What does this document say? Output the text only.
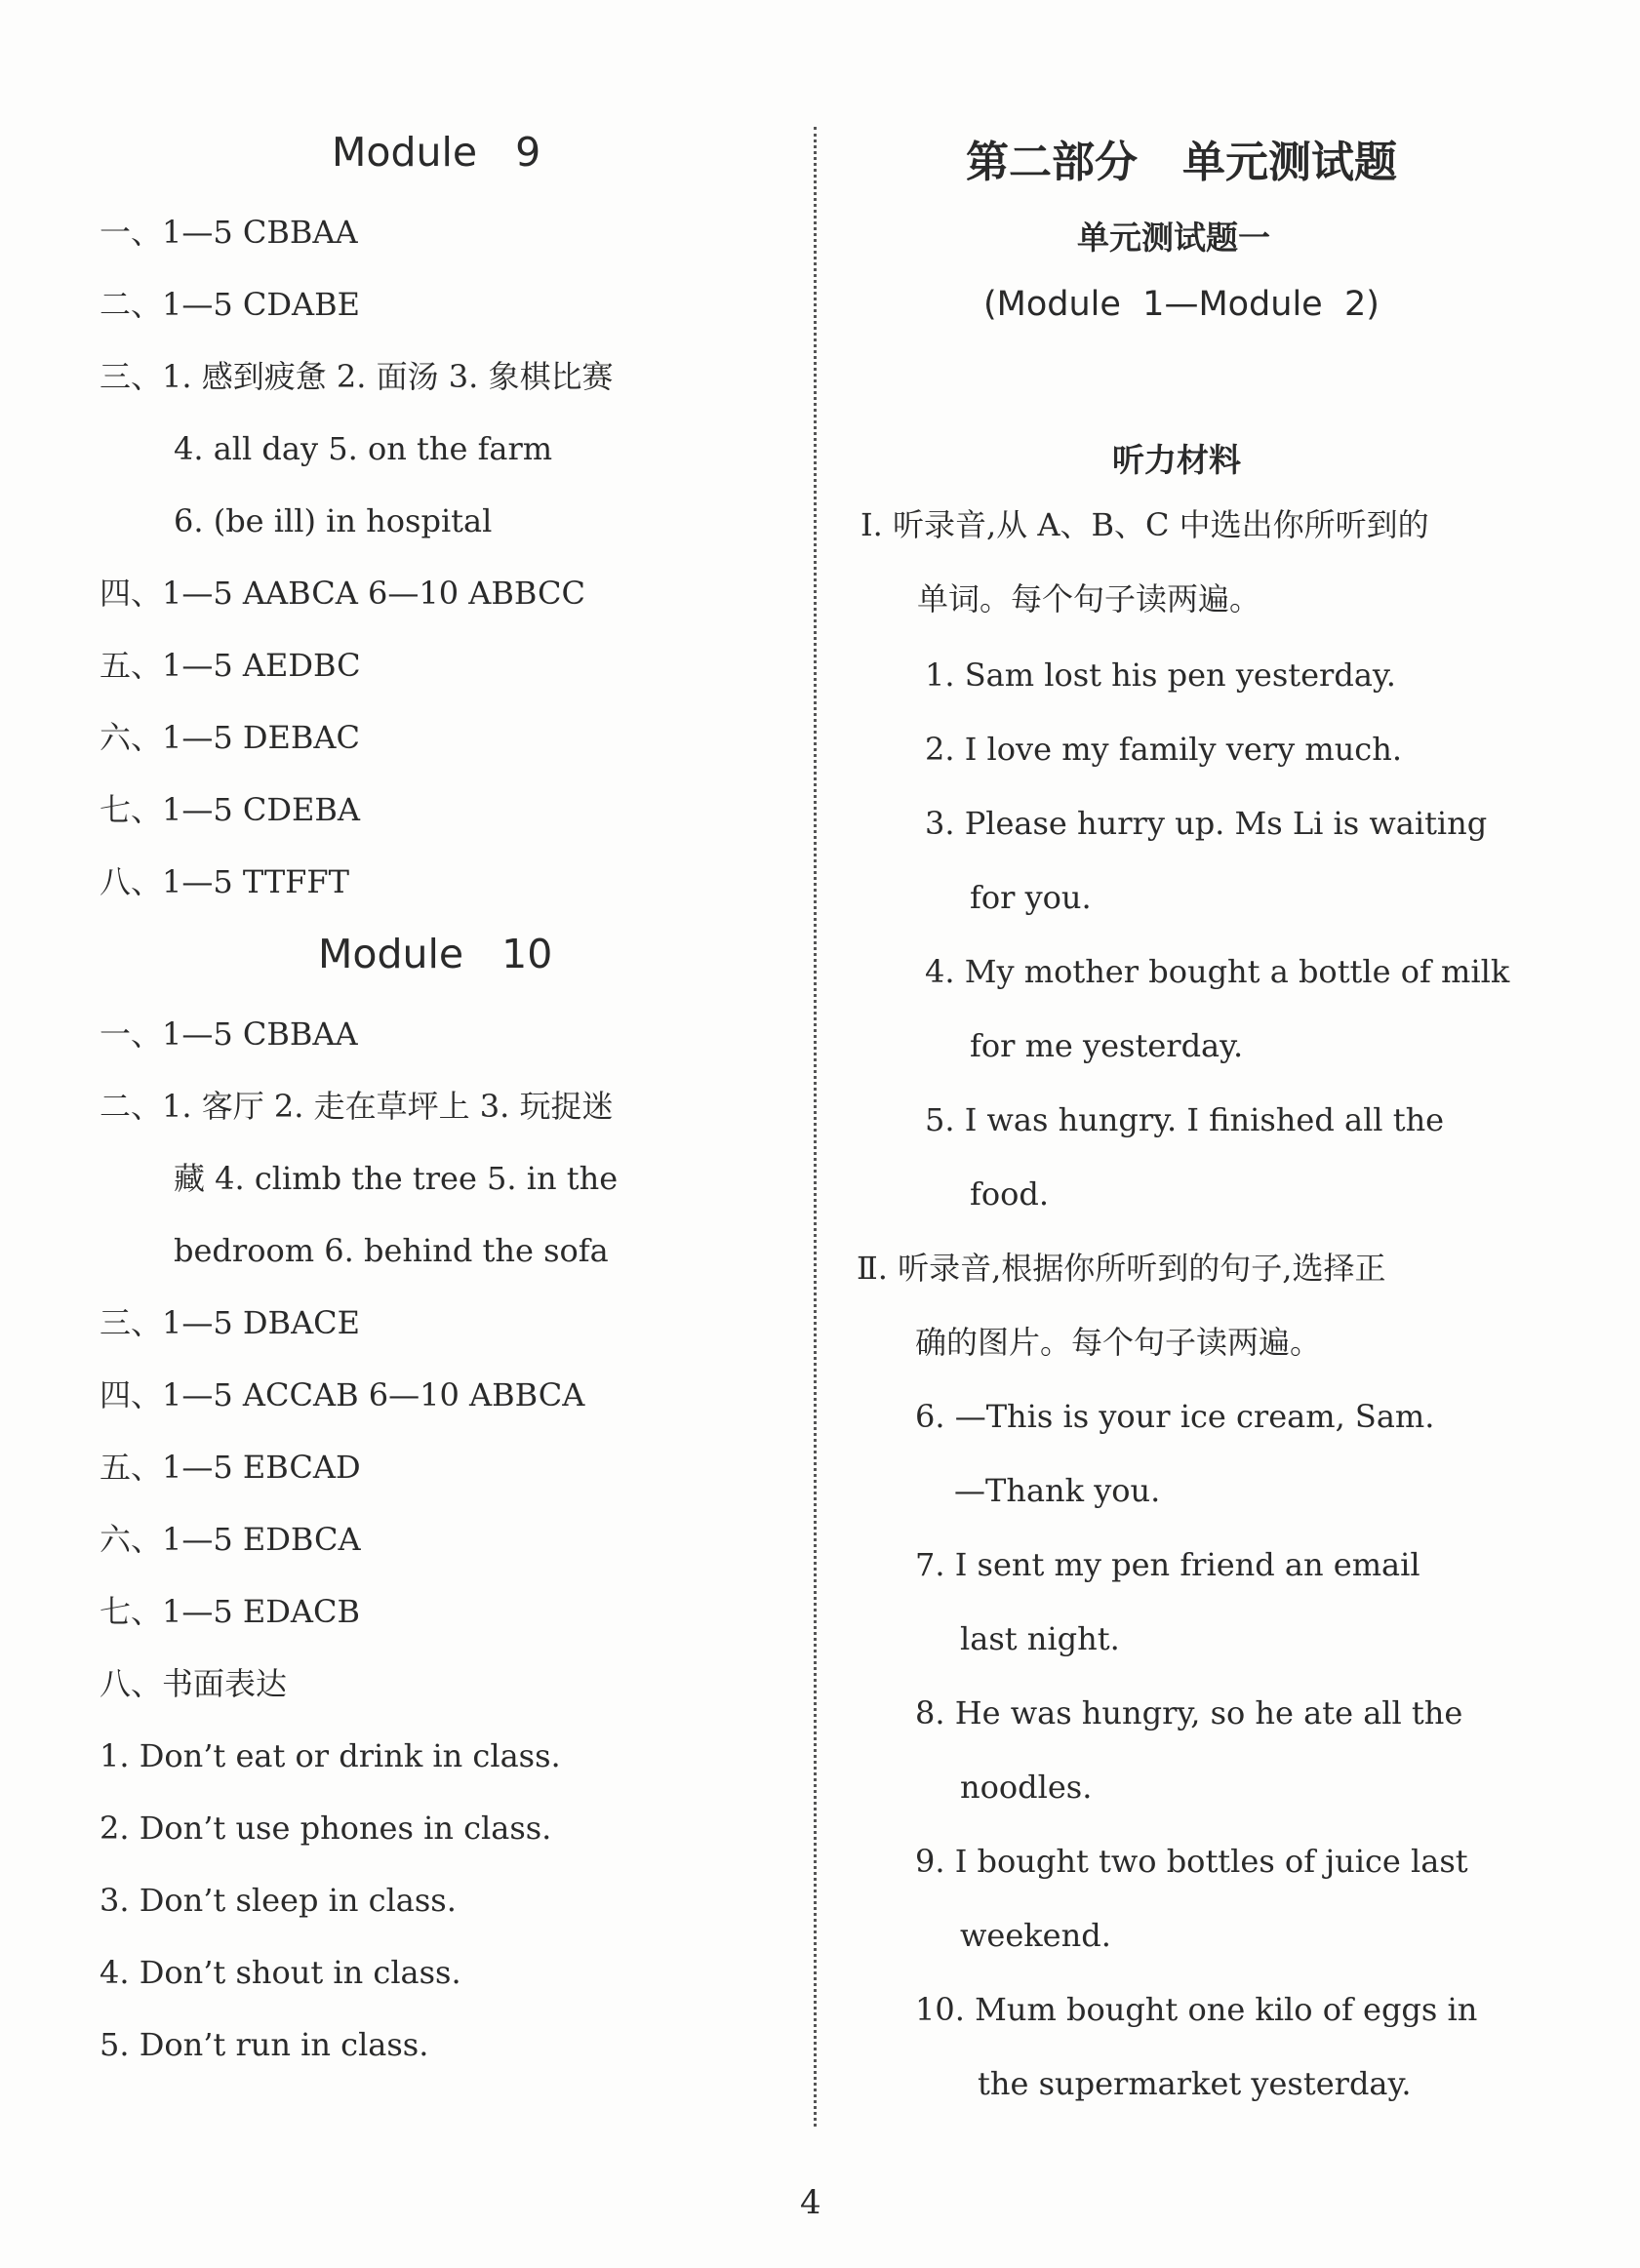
Module   9
一、1—5 CBBAA
二、1—5 CDABE
三、1. 感到疲惫 2. 面汤 3. 象棋比赛
4. all day 5. on the farm
6. (be ill) in hospital
四、1—5 AABCA 6—10 ABBCC
五、1—5 AEDBC
六、1—5 DEBAC
七、1—5 CDEBA
八、1—5 TTFFT
Module   10
一、1—5 CBBAA
二、1. 客厅 2. 走在草坪上 3. 玩捉迷
藏 4. climb the tree 5. in the
bedroom 6. behind the sofa
三、1—5 DBACE
四、1—5 ACCAB 6—10 ABBCA
五、1—5 EBCAD
六、1—5 EDBCA
七、1—5 EDACB
八、书面表达
1. Don’t eat or drink in class.
2. Don’t use phones in class.
3. Don’t sleep in class.
4. Don’t shout in class.
5. Don’t run in class.
第二部分   单元测试题
单元测试题一
(Module  1—Module  2)
听力材料
Ⅰ. 听录音,从 A、B、C 中选出你所听到的
单词。每个句子读两遍。
1. Sam lost his pen yesterday.
2. I love my family very much.
3. Please hurry up. Ms Li is waiting
for you.
4. My mother bought a bottle of milk
for me yesterday.
5. I was hungry. I finished all the
food.
Ⅱ. 听录音,根据你所听到的句子,选择正
确的图片。每个句子读两遍。
6. —This is your ice cream, Sam.
—Thank you.
7. I sent my pen friend an email
last night.
8. He was hungry, so he ate all the
noodles.
9. I bought two bottles of juice last
weekend.
10. Mum bought one kilo of eggs in
the supermarket yesterday.
4
